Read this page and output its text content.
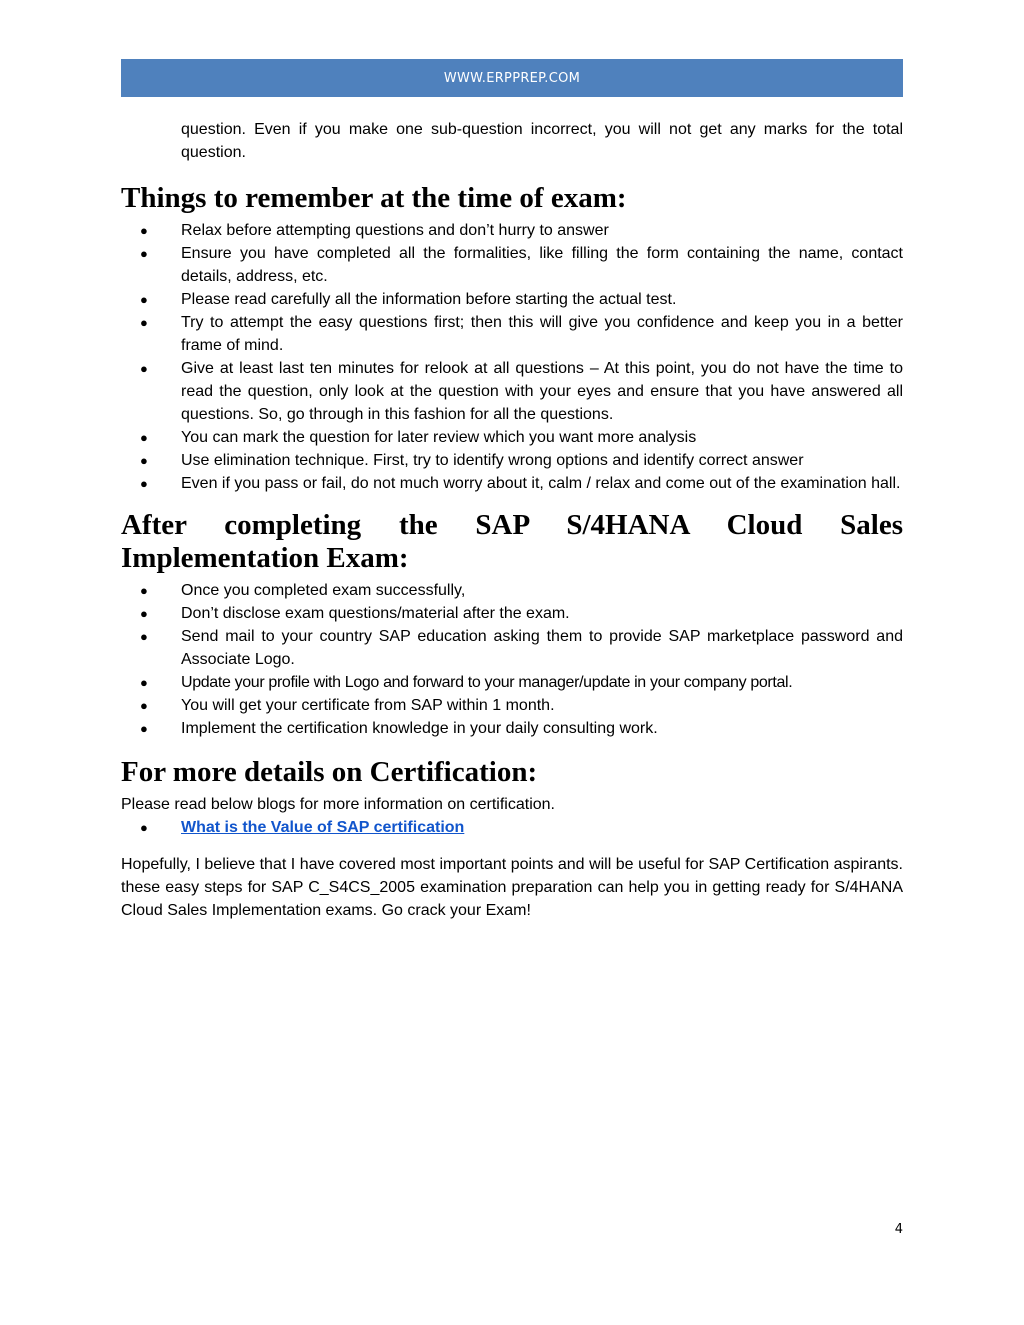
WWW.ERPPREP.COM

question. Even if you make one sub-question incorrect, you will not get any marks for the total question.

Things to remember at the time of exam:
● Relax before attempting questions and don’t hurry to answer
● Ensure you have completed all the formalities, like filling the form containing the name, contact details, address, etc.
● Please read carefully all the information before starting the actual test.
● Try to attempt the easy questions first; then this will give you confidence and keep you in a better frame of mind.
● Give at least last ten minutes for relook at all questions – At this point, you do not have the time to read the question, only look at the question with your eyes and ensure that you have answered all questions. So, go through in this fashion for all the questions.
● You can mark the question for later review which you want more analysis
● Use elimination technique. First, try to identify wrong options and identify correct answer
● Even if you pass or fail, do not much worry about it, calm / relax and come out of the examination hall.
After completing the SAP S/4HANA Cloud Sales Implementation Exam:
● Once you completed exam successfully,
● Don’t disclose exam questions/material after the exam.
● Send mail to your country SAP education asking them to provide SAP marketplace password and Associate Logo.
● Update your profile with Logo and forward to your manager/update in your company portal.
● You will get your certificate from SAP within 1 month.
● Implement the certification knowledge in your daily consulting work.
For more details on Certification:

Please read below blogs for more information on certification.

● What is the Value of SAP certification

Hopefully, I believe that I have covered most important points and will be useful for SAP Certification aspirants. these easy steps for SAP C_S4CS_2005 examination preparation can help you in getting ready for S/4HANA Cloud Sales Implementation exams. Go crack your Exam!

4
